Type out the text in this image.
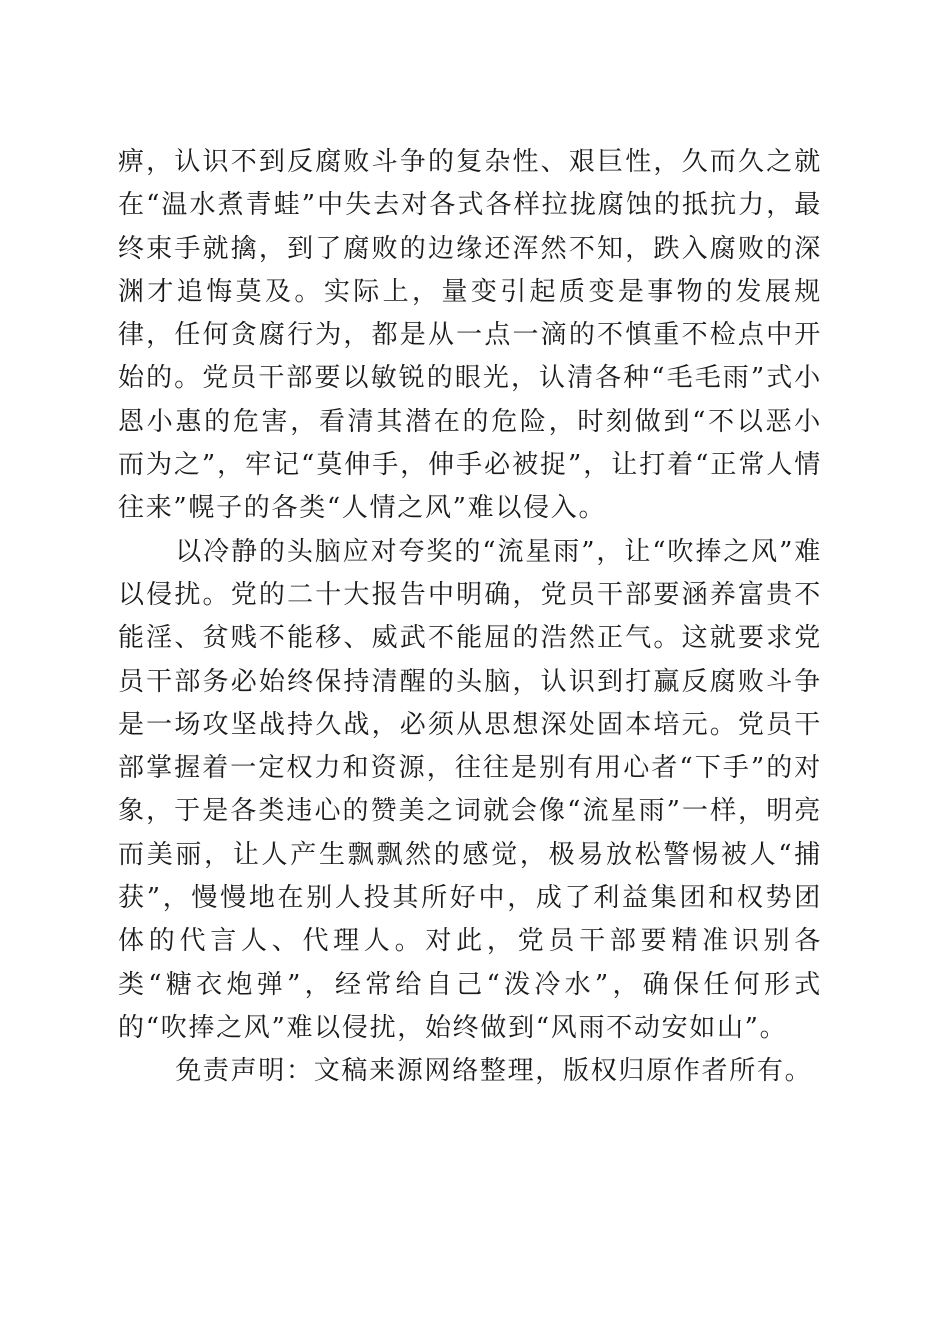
痹，认识不到反腐败斗争的复杂性、艰巨性，久而久之就在“温水煮青蛙”中失去对各式各样拉拢腐蚀的抵抗力，最终束手就擒，到了腐败的边缘还浑然不知，跌入腐败的深渊才追悔莫及。实际上，量变引起质变是事物的发展规律，任何贪腐行为，都是从一点一滴的不慎重不检点中开始的。党员干部要以敏锐的眼光，认清各种“毛毛雨”式小恩小惠的危害，看清其潜在的危险，时刻做到“不以恶小而为之”，牢记“莫伸手，伸手必被捉”，让打着“正常人情往来”幌子的各类“人情之风”难以侵入。

以冷静的头脑应对夸奖的“流星雨”，让“吹捧之风”难以侵扰。党的二十大报告中明确，党员干部要涵养富贵不能淫、贫贱不能移、威武不能屈的浩然正气。这就要求党员干部务必始终保持清醒的头脑，认识到打赢反腐败斗争是一场攻坚战持久战，必须从思想深处固本培元。党员干部掌握着一定权力和资源，往往是别有用心者“下手”的对象，于是各类违心的赞美之词就会像“流星雨”一样，明亮而美丽，让人产生飘飘然的感觉，极易放松警惕被人“捕获”，慢慢地在别人投其所好中，成了利益集团和权势团体的代言人、代理人。对此，党员干部要精准识别各类“糖衣炮弹”，经常给自己“泼冷水”，确保任何形式的“吹捧之风”难以侵扰，始终做到“风雨不动安如山”。

免责声明：文稿来源网络整理，版权归原作者所有。
